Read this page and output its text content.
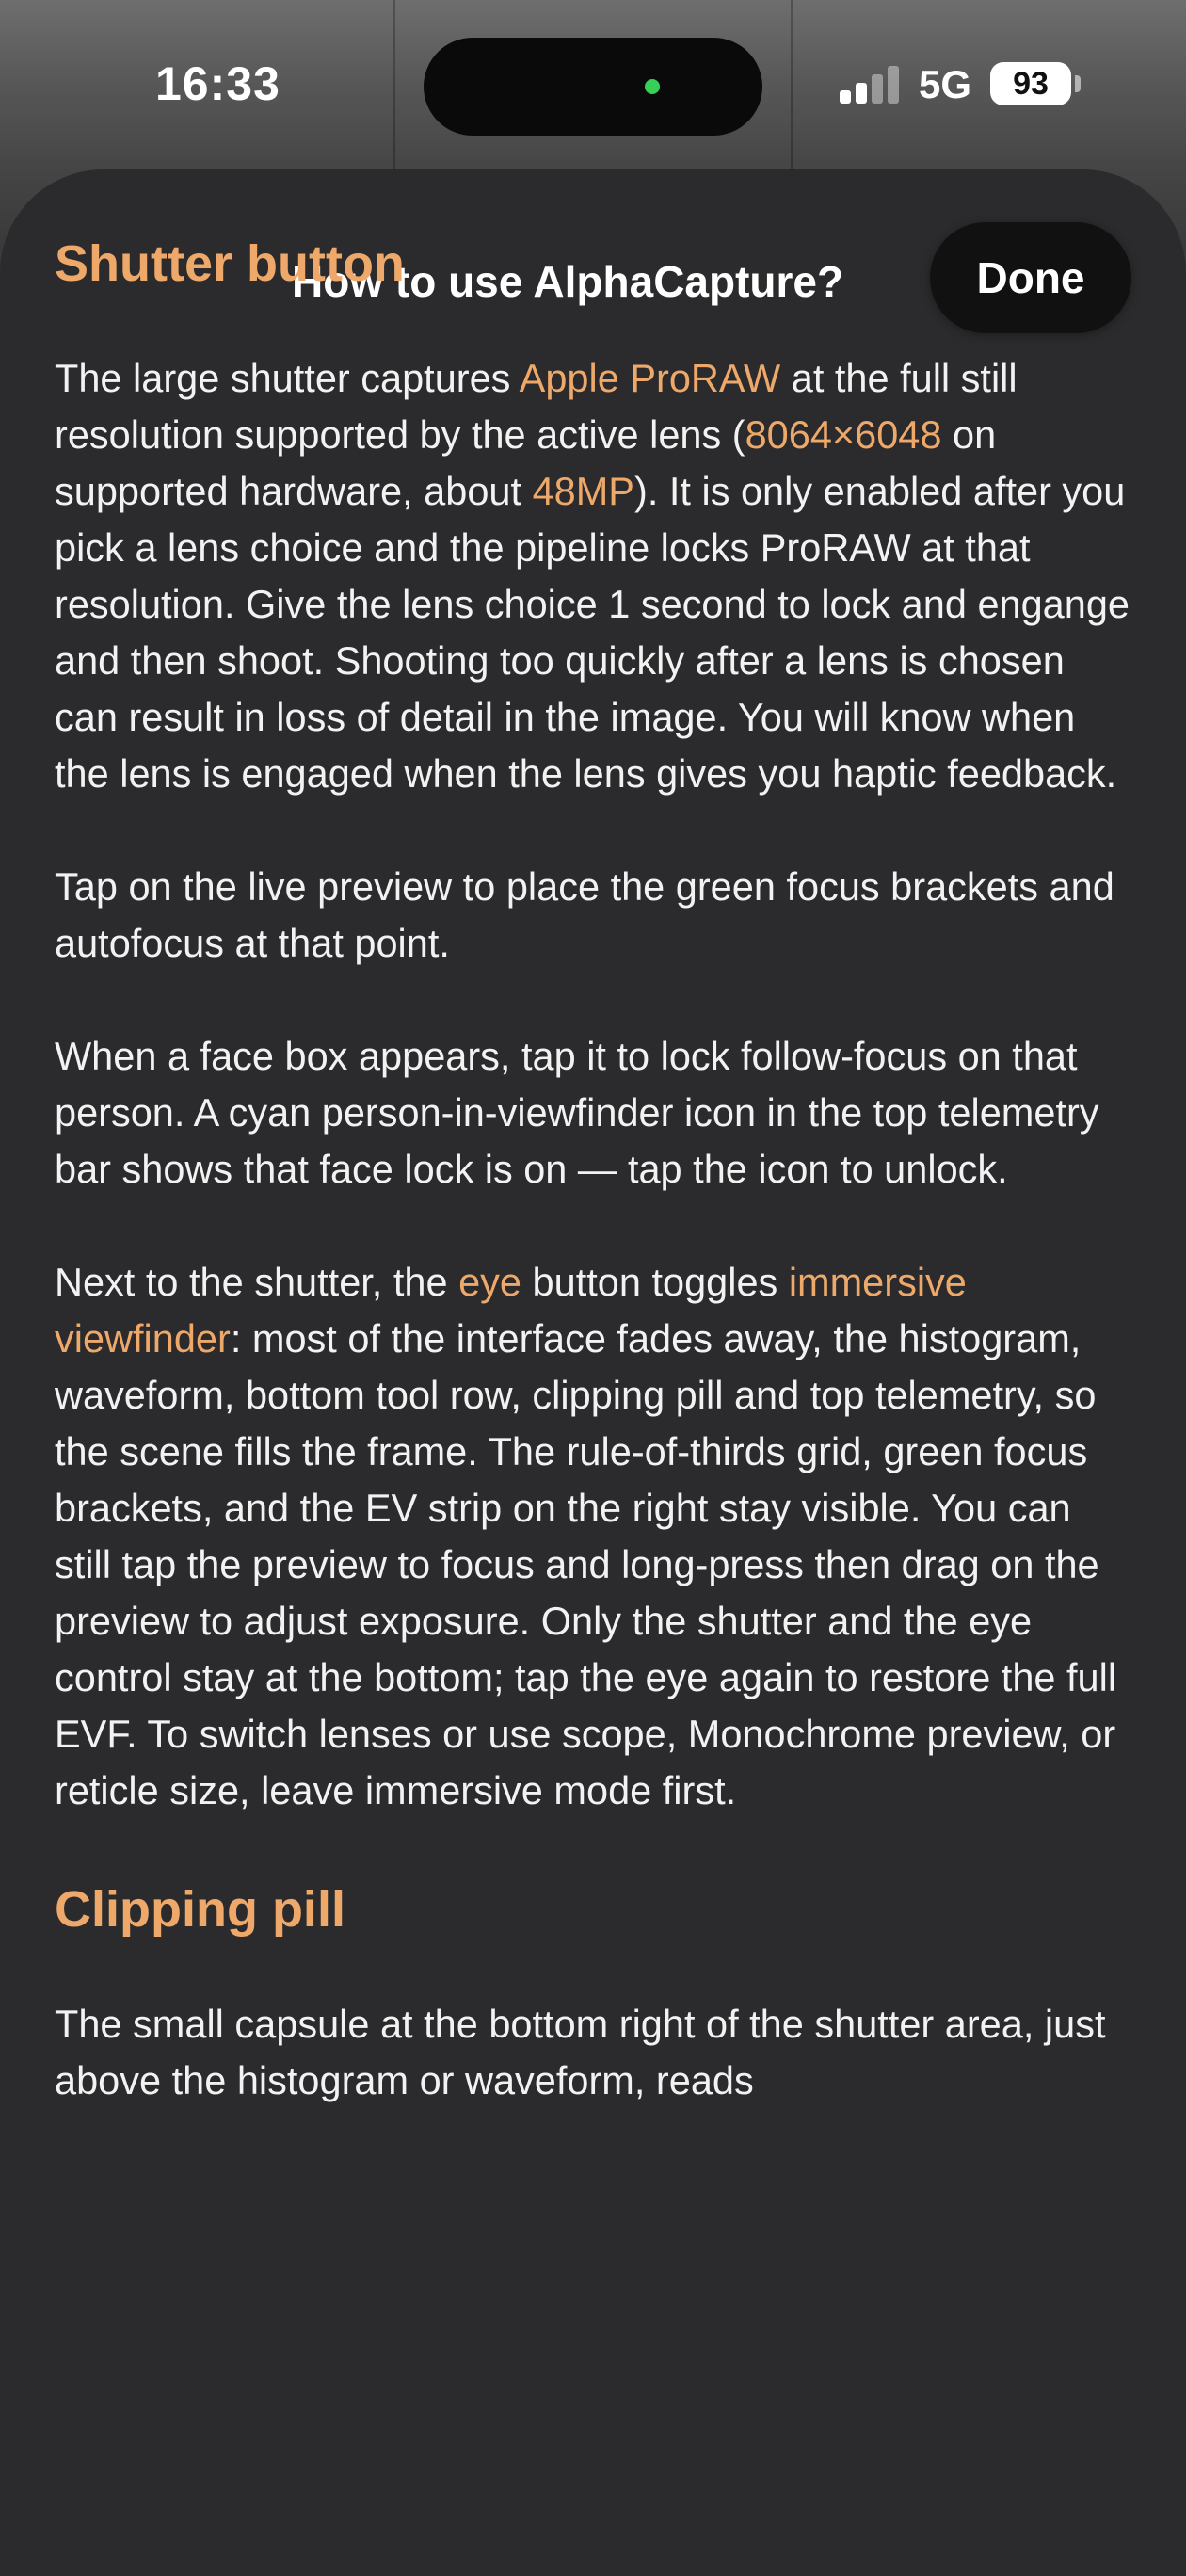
16:33	5G	93
How to use AlphaCapture?	Done
Shutter button

The large shutter captures Apple ProRAW at the full still resolution supported by the active lens (8064×6048 on supported hardware, about 48MP). It is only enabled after you pick a lens choice and the pipeline locks ProRAW at that resolution. Give the lens choice 1 second to lock and engange and then shoot. Shooting too quickly after a lens is chosen can result in loss of detail in the image. You will know when the lens is engaged when the lens gives you haptic feedback.

Tap on the live preview to place the green focus brackets and autofocus at that point.

When a face box appears, tap it to lock follow-focus on that person. A cyan person-in-viewfinder icon in the top telemetry bar shows that face lock is on — tap the icon to unlock.

Next to the shutter, the eye button toggles immersive viewfinder: most of the interface fades away, the histogram, waveform, bottom tool row, clipping pill and top telemetry, so the scene fills the frame. The rule-of-thirds grid, green focus brackets, and the EV strip on the right stay visible. You can still tap the preview to focus and long-press then drag on the preview to adjust exposure. Only the shutter and the eye control stay at the bottom; tap the eye again to restore the full EVF. To switch lenses or use scope, Monochrome preview, or reticle size, leave immersive mode first.

Clipping pill

The small capsule at the bottom right of the shutter area, just above the histogram or waveform, reads
